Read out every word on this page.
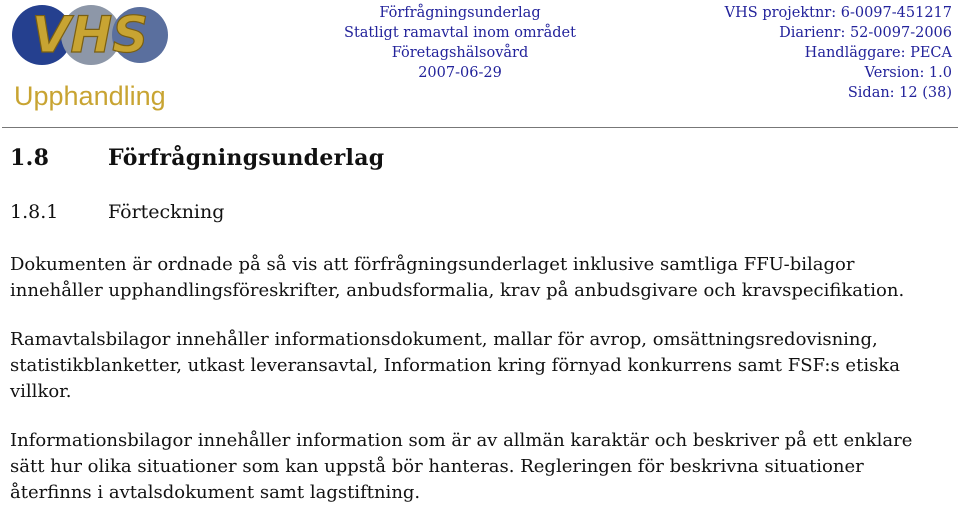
VHS
Upphandling
Förfrågningsunderlag
Statligt ramavtal inom området
Företagshälsovård
2007-06-29
VHS projektnr: 6-0097-451217
Diarienr: 52-0097-2006
Handläggare: PECA
Version: 1.0
Sidan: 12 (38)
1.8	Förfrågningsunderlag
1.8.1	Förteckning

Dokumenten är ordnade på så vis att förfrågningsunderlaget inklusive samtliga FFU-bilagor
innehåller upphandlingsföreskrifter, anbudsformalia, krav på anbudsgivare och kravspecifikation.

Ramavtalsbilagor innehåller informationsdokument, mallar för avrop, omsättningsredovisning,
statistikblanketter, utkast leveransavtal, Information kring förnyad konkurrens samt FSF:s etiska
villkor.

Informationsbilagor innehåller information som är av allmän karaktär och beskriver på ett enklare
sätt hur olika situationer som kan uppstå bör hanteras. Regleringen för beskrivna situationer
återfinns i avtalsdokument samt lagstiftning.
